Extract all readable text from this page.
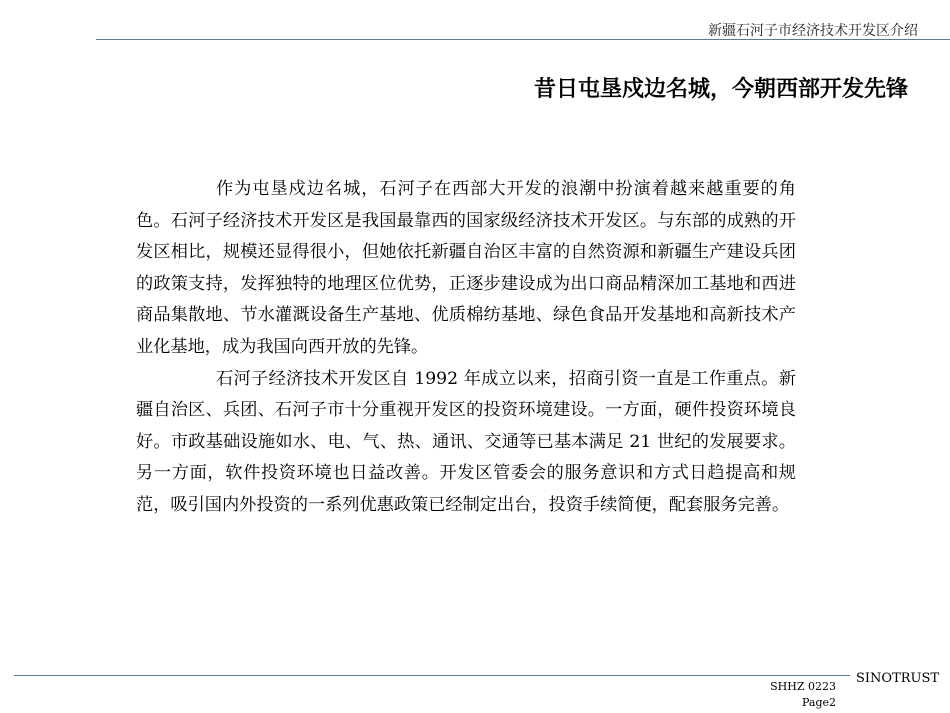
新疆石河子市经济技术开发区介绍
昔日屯垦戍边名城，今朝西部开发先锋

作为屯垦戍边名城，石河子在西部大开发的浪潮中扮演着越来越重要的角色。石河子经济技术开发区是我国最靠西的国家级经济技术开发区。与东部的成熟的开发区相比，规模还显得很小，但她依托新疆自治区丰富的自然资源和新疆生产建设兵团的政策支持，发挥独特的地理区位优势，正逐步建设成为出口商品精深加工基地和西进商品集散地、节水灌溉设备生产基地、优质棉纺基地、绿色食品开发基地和高新技术产业化基地，成为我国向西开放的先锋。

石河子经济技术开发区自 1992 年成立以来，招商引资一直是工作重点。新疆自治区、兵团、石河子市十分重视开发区的投资环境建设。一方面，硬件投资环境良好。市政基础设施如水、电、气、热、通讯、交通等已基本满足 21 世纪的发展要求。另一方面，软件投资环境也日益改善。开发区管委会的服务意识和方式日趋提高和规范，吸引国内外投资的一系列优惠政策已经制定出台，投资手续简便，配套服务完善。

SINOTRUST
SHHZ 0223
Page2
